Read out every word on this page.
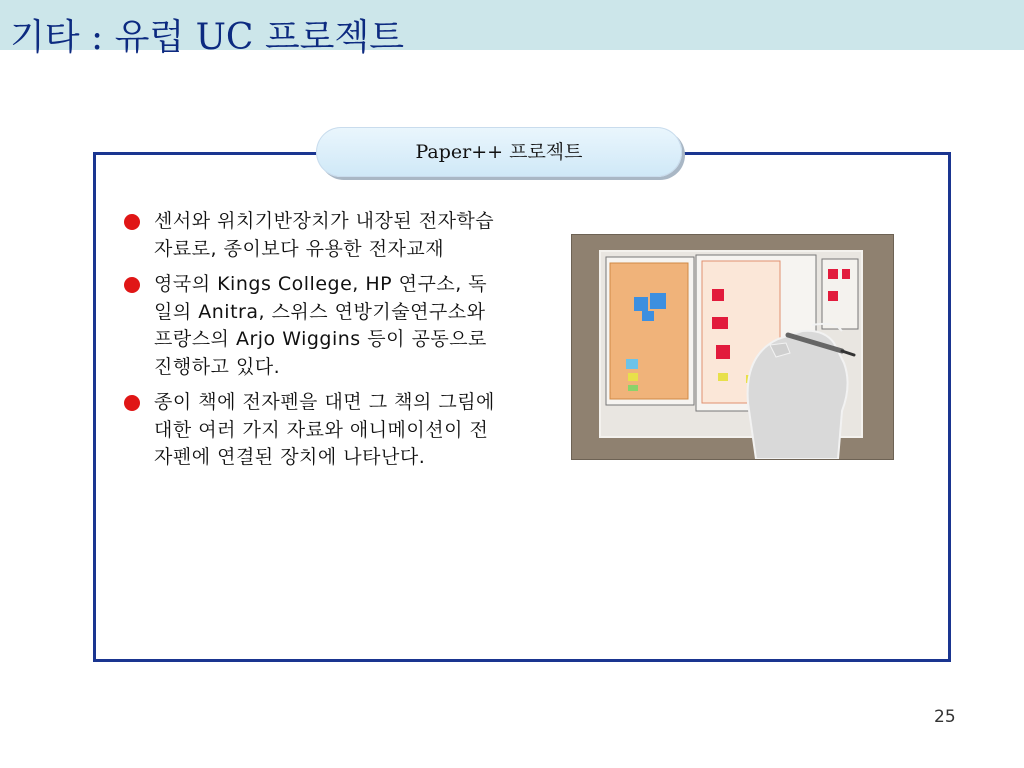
기타 : 유럽 UC 프로젝트
Paper++ 프로젝트
센서와 위치기반장치가 내장된 전자학습자료로, 종이보다 유용한 전자교재
영국의 Kings College, HP 연구소, 독일의 Anitra, 스위스 연방기술연구소와 프랑스의 Arjo Wiggins 등이 공동으로 진행하고 있다.
종이 책에 전자펜을 대면 그 책의 그림에 대한 여러 가지 자료와 애니메이션이 전자펜에 연결된 장치에 나타난다.
25
